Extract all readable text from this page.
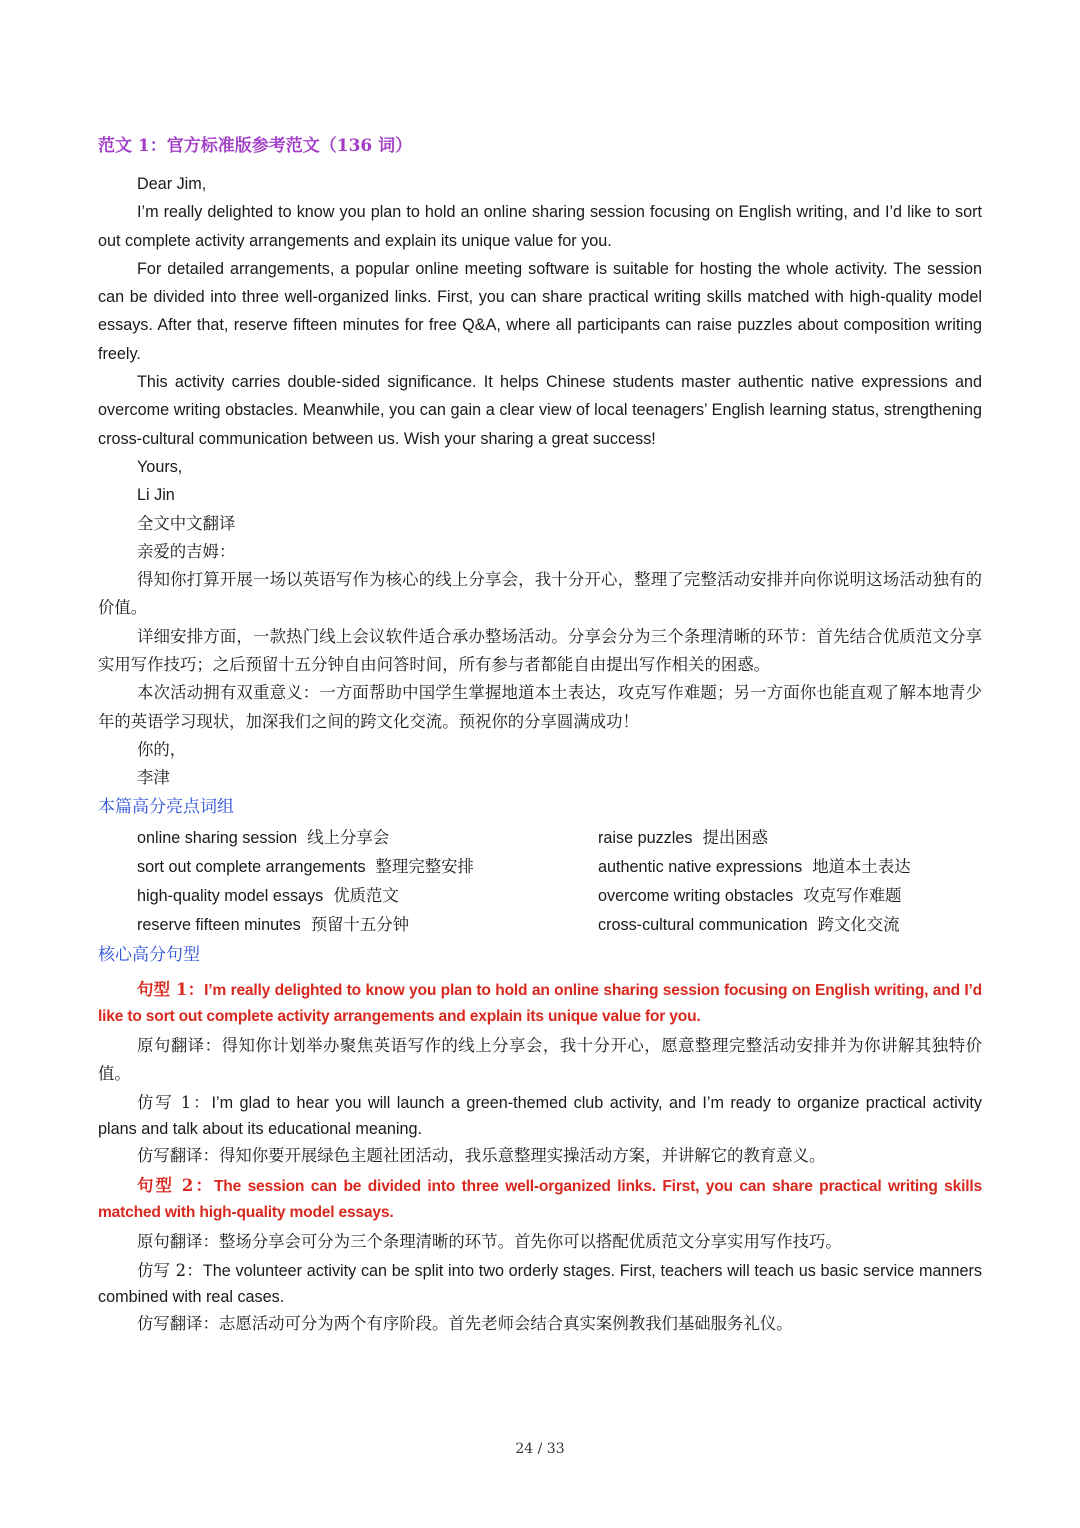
范文 1：官方标准版参考范文（136 词）

Dear Jim,

I’m really delighted to know you plan to hold an online sharing session focusing on English writing, and I’d like to sort out complete activity arrangements and explain its unique value for you.

For detailed arrangements, a popular online meeting software is suitable for hosting the whole activity. The session can be divided into three well-organized links. First, you can share practical writing skills matched with high-quality model essays. After that, reserve fifteen minutes for free Q&A, where all participants can raise puzzles about composition writing freely.

This activity carries double-sided significance. It helps Chinese students master authentic native expressions and overcome writing obstacles. Meanwhile, you can gain a clear view of local teenagers’ English learning status, strengthening cross-cultural communication between us. Wish your sharing a great success!

Yours,

Li Jin

全文中文翻译

亲爱的吉姆：

得知你打算开展一场以英语写作为核心的线上分享会，我十分开心，整理了完整活动安排并向你说明这场活动独有的价值。

详细安排方面，一款热门线上会议软件适合承办整场活动。分享会分为三个条理清晰的环节：首先结合优质范文分享实用写作技巧；之后预留十五分钟自由问答时间，所有参与者都能自由提出写作相关的困惑。

本次活动拥有双重意义：一方面帮助中国学生掌握地道本土表达，攻克写作难题；另一方面你也能直观了解本地青少年的英语学习现状，加深我们之间的跨文化交流。预祝你的分享圆满成功！

你的，

李津

本篇高分亮点词组

online sharing session 线上分享会	raise puzzles 提出困惑
sort out complete arrangements 整理完整安排	authentic native expressions 地道本土表达
high-quality model essays 优质范文	overcome writing obstacles 攻克写作难题
reserve fifteen minutes 预留十五分钟	cross-cultural communication 跨文化交流

核心高分句型

句型 1：I’m really delighted to know you plan to hold an online sharing session focusing on English writing, and I’d like to sort out complete activity arrangements and explain its unique value for you.

原句翻译：得知你计划举办聚焦英语写作的线上分享会，我十分开心，愿意整理完整活动安排并为你讲解其独特价值。

仿写 1：I’m glad to hear you will launch a green-themed club activity, and I’m ready to organize practical activity plans and talk about its educational meaning.

仿写翻译：得知你要开展绿色主题社团活动，我乐意整理实操活动方案，并讲解它的教育意义。

句型 2：The session can be divided into three well-organized links. First, you can share practical writing skills matched with high-quality model essays.

原句翻译：整场分享会可分为三个条理清晰的环节。首先你可以搭配优质范文分享实用写作技巧。

仿写 2：The volunteer activity can be split into two orderly stages. First, teachers will teach us basic service manners combined with real cases.

仿写翻译：志愿活动可分为两个有序阶段。首先老师会结合真实案例教我们基础服务礼仪。

24 / 33
